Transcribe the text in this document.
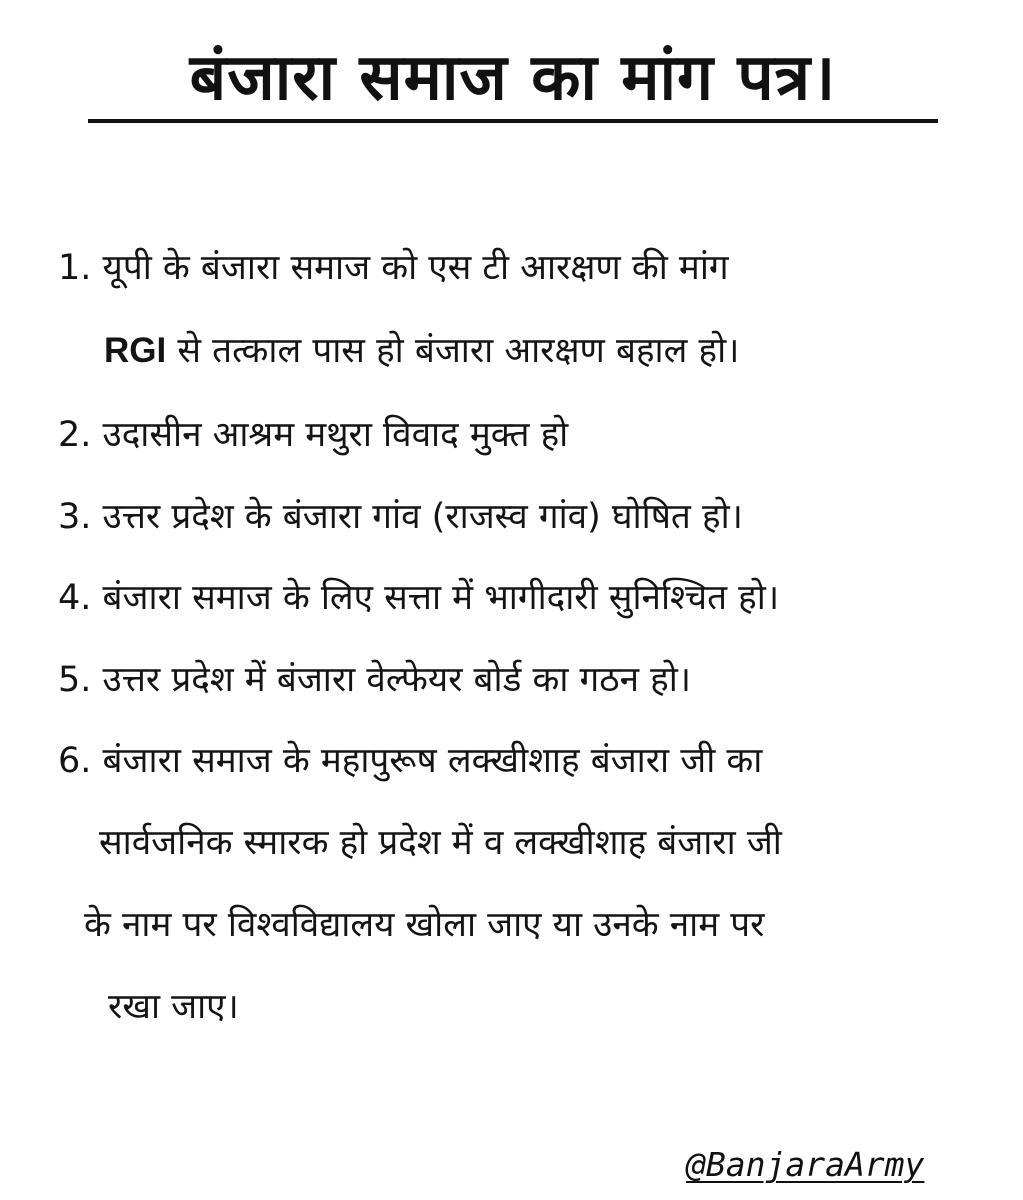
बंजारा समाज का मांग पत्र।
1. यूपी के बंजारा समाज को एस टी आरक्षण की मांग
RGI से तत्काल पास हो बंजारा आरक्षण बहाल हो।
2. उदासीन आश्रम मथुरा विवाद मुक्त हो
3. उत्तर प्रदेश के बंजारा गांव (राजस्व गांव) घोषित हो।
4. बंजारा समाज के लिए सत्ता में भागीदारी सुनिश्चित हो।
5. उत्तर प्रदेश में बंजारा वेल्फेयर बोर्ड का गठन हो।
6. बंजारा समाज के महापुरूष लक्खीशाह बंजारा जी का
सार्वजनिक स्मारक हो प्रदेश में व लक्खीशाह बंजारा जी
के नाम पर विश्वविद्यालय खोला जाए या उनके नाम पर
रखा जाए।
@BanjaraArmy
